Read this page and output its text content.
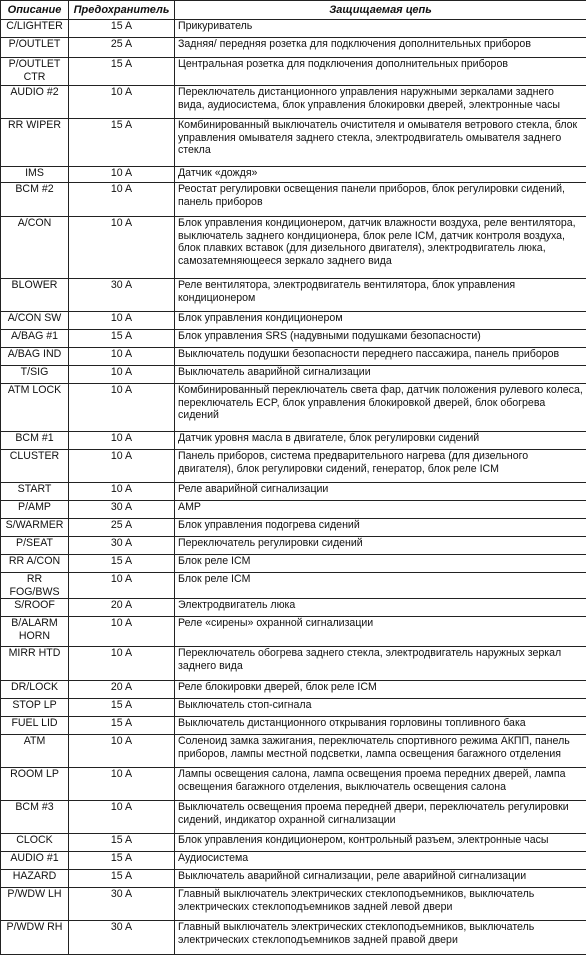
Описание	Предохранитель	Защищаемая цепь
C/LIGHTER	15 A	Прикуриватель
P/OUTLET	25 A	Задняя/ передняя розетка для подключения дополнительных приборов
P/OUTLET CTR	15 A	Центральная розетка для подключения дополнительных приборов
AUDIO #2	10 A	Переключатель дистанционного управления наружными зеркалами заднего вида, аудиосистема, блок управления блокировки дверей, электронные часы
RR WIPER	15 A	Комбинированный выключатель очистителя и омывателя ветрового стекла, блок управления омывателя заднего стекла, электродвигатель омывателя заднего стекла
IMS	10 A	Датчик «дождя»
BCM #2	10 A	Реостат регулировки освещения панели приборов, блок регулировки сидений, панель приборов
A/CON	10 A	Блок управления кондиционером, датчик влажности воздуха, реле вентилятора, выключатель заднего кондиционера, блок реле ICM, датчик контроля воздуха, блок плавких вставок (для дизельного двигателя), электродвигатель люка, самозатемняющееся зеркало заднего вида
BLOWER	30 A	Реле вентилятора, электродвигатель вентилятора, блок управления кондиционером
A/CON SW	10 A	Блок управления кондиционером
A/BAG #1	15 A	Блок управления SRS (надувными подушками безопасности)
A/BAG IND	10 A	Выключатель подушки безопасности переднего пассажира, панель приборов
T/SIG	10 A	Выключатель аварийной сигнализации
ATM LOCK	10 A	Комбинированный переключатель света фар, датчик положения рулевого колеса, переключатель ECP, блок управления блокировкой дверей, блок обогрева сидений
BCM #1	10 A	Датчик уровня масла в двигателе, блок регулировки сидений
CLUSTER	10 A	Панель приборов, система предварительного нагрева (для дизельного двигателя), блок регулировки сидений, генератор, блок реле ICM
START	10 A	Реле аварийной сигнализации
P/AMP	30 A	AMP
S/WARMER	25 A	Блок управления подогрева сидений
P/SEAT	30 A	Переключатель регулировки сидений
RR A/CON	15 A	Блок реле ICM
RR FOG/BWS	10 A	Блок реле ICM
S/ROOF	20 A	Электродвигатель люка
B/ALARM HORN	10 A	Реле «сирены» охранной сигнализации
MIRR HTD	10 A	Переключатель обогрева заднего стекла, электродвигатель наружных зеркал заднего вида
DR/LOCK	20 A	Реле блокировки дверей, блок реле ICM
STOP LP	15 A	Выключатель стоп-сигнала
FUEL LID	15 A	Выключатель дистанционного открывания горловины топливного бака
ATM	10 A	Соленоид замка зажигания, переключатель спортивного режима АКПП, панель приборов, лампы местной подсветки, лампа освещения багажного отделения
ROOM LP	10 A	Лампы освещения салона, лампа освещения проема передних дверей, лампа освещения багажного отделения, выключатель освещения салона
BCM #3	10 A	Выключатель освещения проема передней двери, переключатель регулировки сидений, индикатор охранной сигнализации
CLOCK	15 A	Блок управления кондиционером, контрольный разъем, электронные часы
AUDIO #1	15 A	Аудиосистема
HAZARD	15 A	Выключатель аварийной сигнализации, реле аварийной сигнализации
P/WDW LH	30 A	Главный выключатель электрических стеклоподъемников, выключатель электрических стеклоподъемников задней левой двери
P/WDW RH	30 A	Главный выключатель электрических стеклоподъемников, выключатель электрических стеклоподъемников задней правой двери
